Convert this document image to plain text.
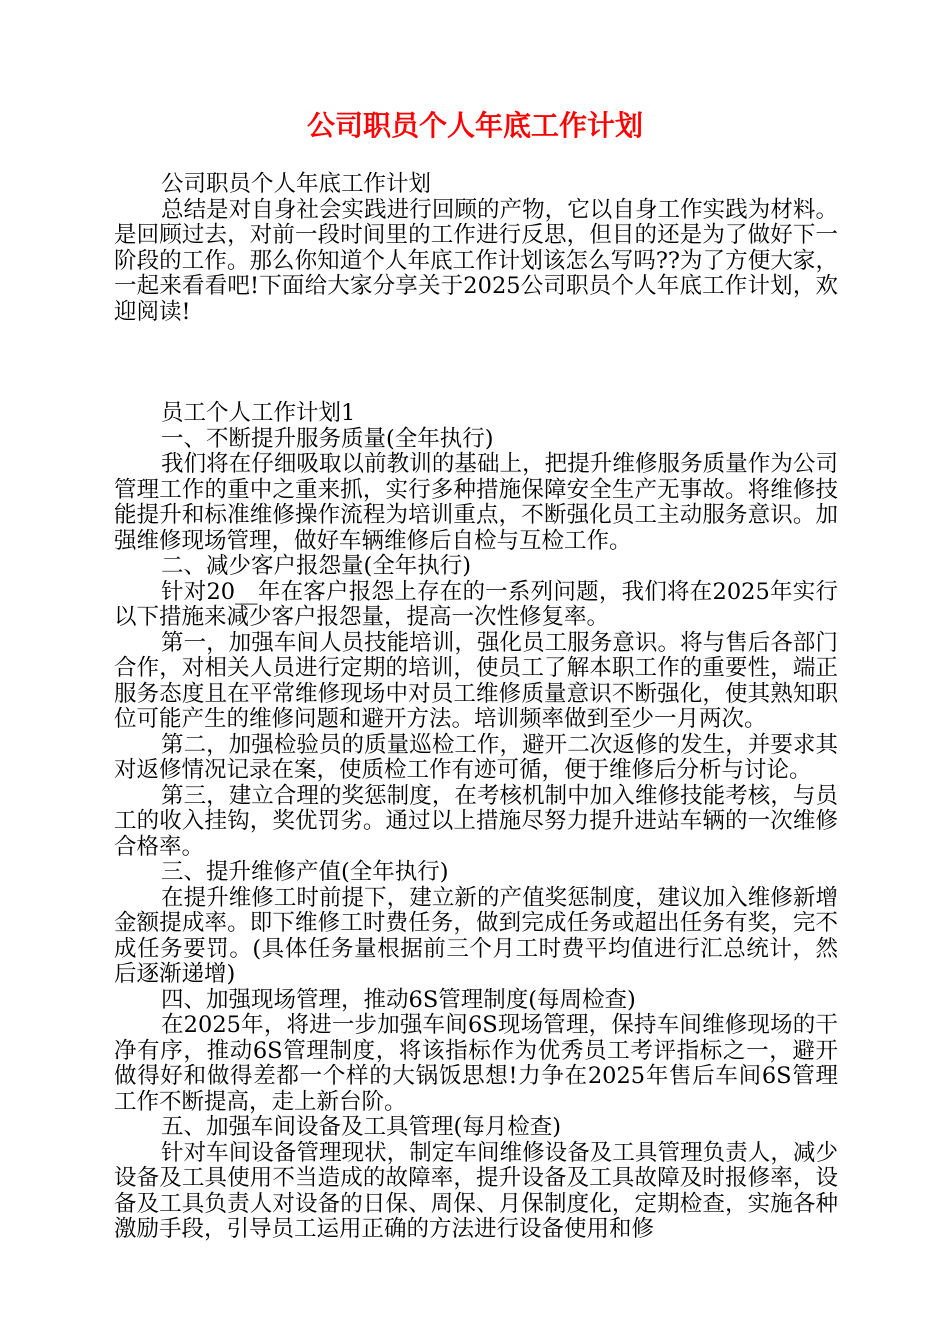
公司职员个人年底工作计划

公司职员个人年底工作计划

总结是对自身社会实践进行回顾的产物，它以自身工作实践为材料。是回顾过去，对前一段时间里的工作进行反思，但目的还是为了做好下一阶段的工作。那么你知道个人年底工作计划该怎么写吗??为了方便大家，一起来看看吧!下面给大家分享关于2025公司职员个人年底工作计划，欢迎阅读!

员工个人工作计划1

一、不断提升服务质量(全年执行)

我们将在仔细吸取以前教训的基础上，把提升维修服务质量作为公司管理工作的重中之重来抓，实行多种措施保障安全生产无事故。将维修技能提升和标准维修操作流程为培训重点，不断强化员工主动服务意识。加强维修现场管理，做好车辆维修后自检与互检工作。

二、减少客户报怨量(全年执行)

针对20__年在客户报怨上存在的一系列问题，我们将在2025年实行以下措施来减少客户报怨量，提高一次性修复率。

第一，加强车间人员技能培训，强化员工服务意识。将与售后各部门合作，对相关人员进行定期的培训，使员工了解本职工作的重要性，端正服务态度且在平常维修现场中对员工维修质量意识不断强化，使其熟知职位可能产生的维修问题和避开方法。培训频率做到至少一月两次。

第二，加强检验员的质量巡检工作，避开二次返修的发生，并要求其对返修情况记录在案，使质检工作有迹可循，便于维修后分析与讨论。

第三，建立合理的奖惩制度，在考核机制中加入维修技能考核，与员工的收入挂钩，奖优罚劣。通过以上措施尽努力提升进站车辆的一次维修合格率。

三、提升维修产值(全年执行)

在提升维修工时前提下，建立新的产值奖惩制度，建议加入维修新增金额提成率。即下维修工时费任务，做到完成任务或超出任务有奖，完不成任务要罚。(具体任务量根据前三个月工时费平均值进行汇总统计，然后逐渐递增)

四、加强现场管理，推动6S管理制度(每周检查)

在2025年，将进一步加强车间6S现场管理，保持车间维修现场的干净有序，推动6S管理制度，将该指标作为优秀员工考评指标之一，避开做得好和做得差都一个样的大锅饭思想!力争在2025年售后车间6S管理工作不断提高，走上新台阶。

五、加强车间设备及工具管理(每月检查)

针对车间设备管理现状，制定车间维修设备及工具管理负责人，减少设备及工具使用不当造成的故障率，提升设备及工具故障及时报修率，设备及工具负责人对设备的日保、周保、月保制度化，定期检查，实施各种激励手段，引导员工运用正确的方法进行设备使用和修
